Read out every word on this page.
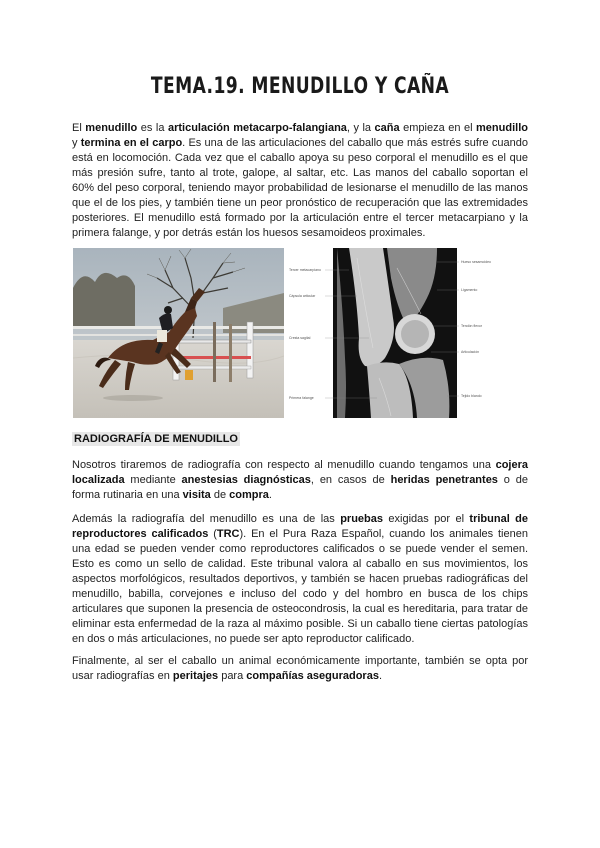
TEMA.19. MENUDILLO Y CAÑA

El menudillo es la articulación metacarpo-falangiana, y la caña empieza en el menudillo y termina en el carpo. Es una de las articulaciones del caballo que más estrés sufre cuando está en locomoción. Cada vez que el caballo apoya su peso corporal el menudillo es el que más presión sufre, tanto al trote, galope, al saltar, etc. Las manos del caballo soportan el 60% del peso corporal, teniendo mayor probabilidad de lesionarse el menudillo de las manos que el de los pies, y también tiene un peor pronóstico de recuperación que las extremidades posteriores. El menudillo está formado por la articulación entre el tercer metacarpiano y la primera falange, y por detrás están los huesos sesamoideos proximales.

Tercer metacarpiano
Cápsula articular
Cresta sagital
Primera falange
Hueso sesamoideo
Ligamento
Tendón flexor
Articulación
Tejido blando
RADIOGRAFÍA DE MENUDILLO

Nosotros tiraremos de radiografía con respecto al menudillo cuando tengamos una cojera localizada mediante anestesias diagnósticas, en casos de heridas penetrantes o de forma rutinaria en una visita de compra.

Además la radiografía del menudillo es una de las pruebas exigidas por el tribunal de reproductores calificados (TRC). En el Pura Raza Español, cuando los animales tienen una edad se pueden vender como reproductores calificados o se puede vender el semen. Esto es como un sello de calidad. Este tribunal valora al caballo en sus movimientos, los aspectos morfológicos, resultados deportivos, y también se hacen pruebas radiográficas del menudillo, babilla, corvejones e incluso del codo y del hombro en busca de los chips articulares que suponen la presencia de osteocondrosis, la cual es hereditaria, para tratar de eliminar esta enfermedad de la raza al máximo posible. Si un caballo tiene ciertas patologías en dos o más articulaciones, no puede ser apto reproductor calificado.

Finalmente, al ser el caballo un animal económicamente importante, también se opta por usar radiografías en peritajes para compañías aseguradoras.
